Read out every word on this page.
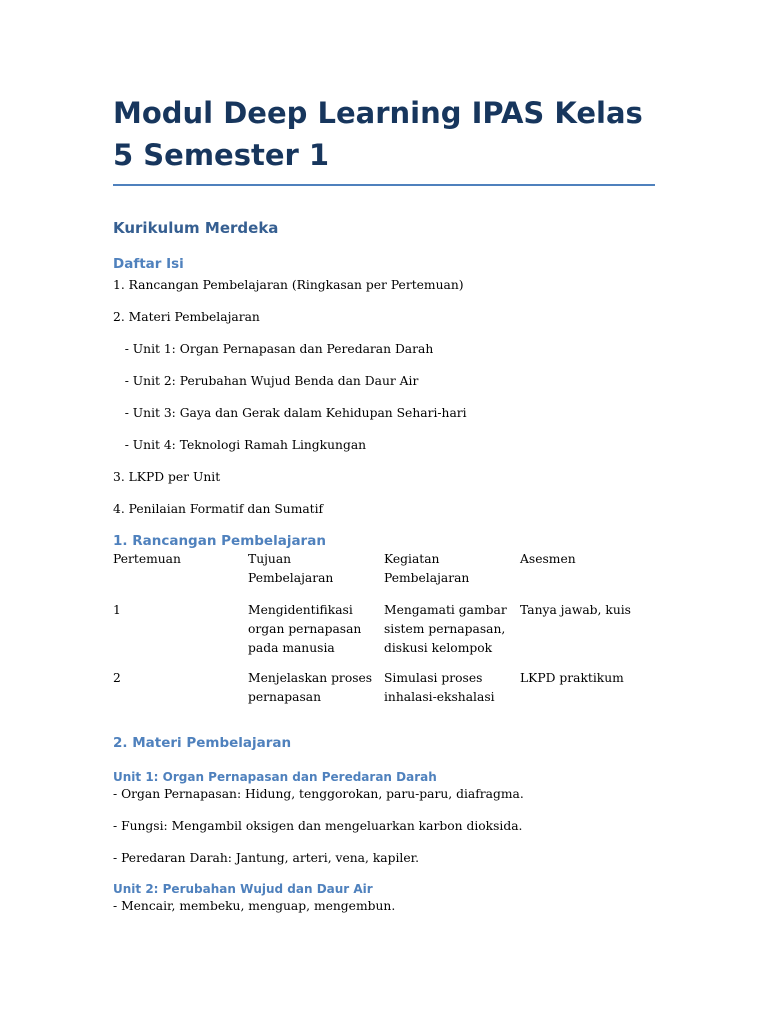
Modul Deep Learning IPAS Kelas 5 Semester 1
Kurikulum Merdeka
Daftar Isi

1. Rancangan Pembelajaran (Ringkasan per Pertemuan)

2. Materi Pembelajaran

- Unit 1: Organ Pernapasan dan Peredaran Darah

- Unit 2: Perubahan Wujud Benda dan Daur Air

- Unit 3: Gaya dan Gerak dalam Kehidupan Sehari-hari

- Unit 4: Teknologi Ramah Lingkungan

3. LKPD per Unit

4. Penilaian Formatif dan Sumatif

1. Rancangan Pembelajaran
Pertemuan	Tujuan Pembelajaran	Kegiatan Pembelajaran	Asesmen
1	Mengidentifikasi organ pernapasan pada manusia	Mengamati gambar sistem pernapasan, diskusi kelompok	Tanya jawab, kuis
2	Menjelaskan proses pernapasan	Simulasi proses inhalasi-ekshalasi	LKPD praktikum
2. Materi Pembelajaran
Unit 1: Organ Pernapasan dan Peredaran Darah

- Organ Pernapasan: Hidung, tenggorokan, paru-paru, diafragma.

- Fungsi: Mengambil oksigen dan mengeluarkan karbon dioksida.

- Peredaran Darah: Jantung, arteri, vena, kapiler.

Unit 2: Perubahan Wujud dan Daur Air

- Mencair, membeku, menguap, mengembun.
